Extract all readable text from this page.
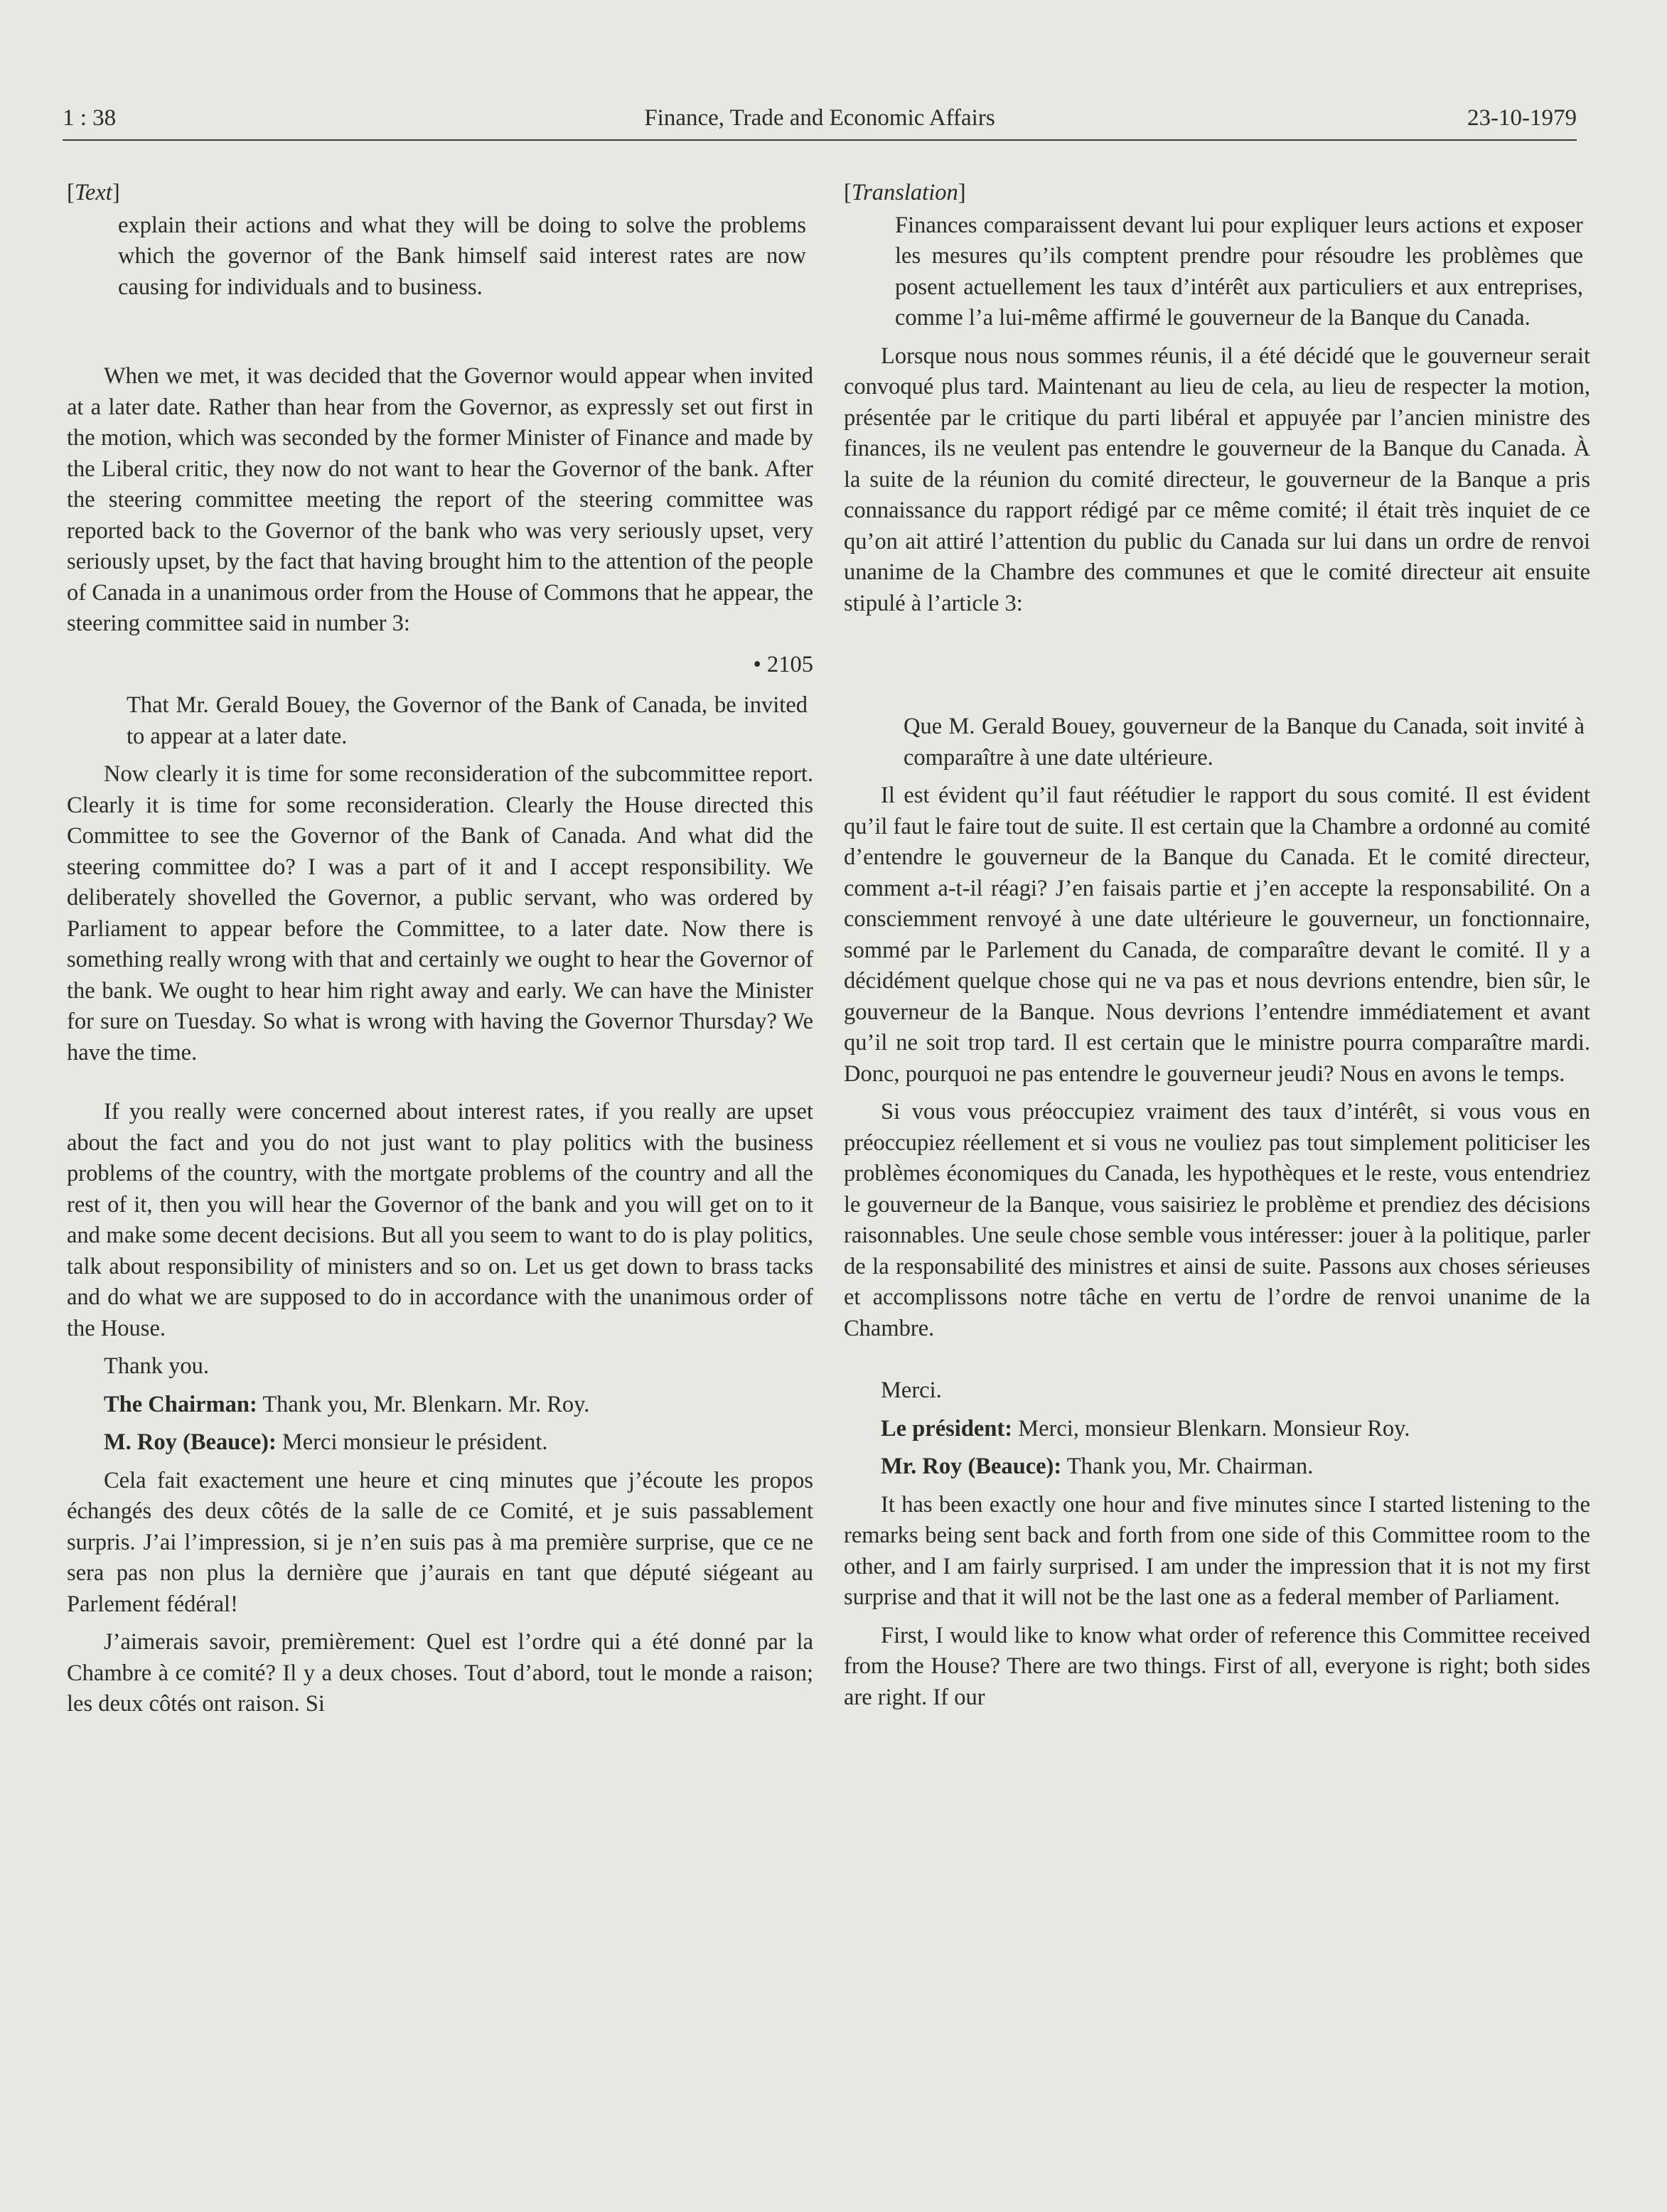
1 : 38	Finance, Trade and Economic Affairs	23-10-1979
[Text]

explain their actions and what they will be doing to solve the problems which the governor of the Bank himself said interest rates are now causing for individuals and to business.

When we met, it was decided that the Governor would appear when invited at a later date. Rather than hear from the Governor, as expressly set out first in the motion, which was seconded by the former Minister of Finance and made by the Liberal critic, they now do not want to hear the Governor of the bank. After the steering committee meeting the report of the steering committee was reported back to the Governor of the bank who was very seriously upset, very seriously upset, by the fact that having brought him to the attention of the people of Canada in a unanimous order from the House of Commons that he appear, the steering committee said in number 3:

• 2105

That Mr. Gerald Bouey, the Governor of the Bank of Canada, be invited to appear at a later date.

Now clearly it is time for some reconsideration of the subcommittee report. Clearly it is time for some reconsideration. Clearly the House directed this Committee to see the Governor of the Bank of Canada. And what did the steering committee do? I was a part of it and I accept responsibility. We deliberately shovelled the Governor, a public servant, who was ordered by Parliament to appear before the Committee, to a later date. Now there is something really wrong with that and certainly we ought to hear the Governor of the bank. We ought to hear him right away and early. We can have the Minister for sure on Tuesday. So what is wrong with having the Governor Thursday? We have the time.

If you really were concerned about interest rates, if you really are upset about the fact and you do not just want to play politics with the business problems of the country, with the mortgate problems of the country and all the rest of it, then you will hear the Governor of the bank and you will get on to it and make some decent decisions. But all you seem to want to do is play politics, talk about responsibility of ministers and so on. Let us get down to brass tacks and do what we are supposed to do in accordance with the unanimous order of the House.

Thank you.

The Chairman: Thank you, Mr. Blenkarn. Mr. Roy.

M. Roy (Beauce): Merci monsieur le président.

Cela fait exactement une heure et cinq minutes que j’écoute les propos échangés des deux côtés de la salle de ce Comité, et je suis passablement surpris. J’ai l’impression, si je n’en suis pas à ma première surprise, que ce ne sera pas non plus la dernière que j’aurais en tant que député siégeant au Parlement fédéral!

J’aimerais savoir, premièrement: Quel est l’ordre qui a été donné par la Chambre à ce comité? Il y a deux choses. Tout d’abord, tout le monde a raison; les deux côtés ont raison. Si

[Translation]

Finances comparaissent devant lui pour expliquer leurs actions et exposer les mesures qu’ils comptent prendre pour résoudre les problèmes que posent actuellement les taux d’intérêt aux particuliers et aux entreprises, comme l’a lui-même affirmé le gouverneur de la Banque du Canada.

Lorsque nous nous sommes réunis, il a été décidé que le gouverneur serait convoqué plus tard. Maintenant au lieu de cela, au lieu de respecter la motion, présentée par le critique du parti libéral et appuyée par l’ancien ministre des finances, ils ne veulent pas entendre le gouverneur de la Banque du Canada. À la suite de la réunion du comité directeur, le gouverneur de la Banque a pris connaissance du rapport rédigé par ce même comité; il était très inquiet de ce qu’on ait attiré l’attention du public du Canada sur lui dans un ordre de renvoi unanime de la Chambre des communes et que le comité directeur ait ensuite stipulé à l’article 3:

Que M. Gerald Bouey, gouverneur de la Banque du Canada, soit invité à comparaître à une date ultérieure.

Il est évident qu’il faut réétudier le rapport du sous comité. Il est évident qu’il faut le faire tout de suite. Il est certain que la Chambre a ordonné au comité d’entendre le gouverneur de la Banque du Canada. Et le comité directeur, comment a-t-il réagi? J’en faisais partie et j’en accepte la responsabilité. On a consciemment renvoyé à une date ultérieure le gouverneur, un fonctionnaire, sommé par le Parlement du Canada, de comparaître devant le comité. Il y a décidément quelque chose qui ne va pas et nous devrions entendre, bien sûr, le gouverneur de la Banque. Nous devrions l’entendre immédiatement et avant qu’il ne soit trop tard. Il est certain que le ministre pourra comparaître mardi. Donc, pourquoi ne pas entendre le gouverneur jeudi? Nous en avons le temps.

Si vous vous préoccupiez vraiment des taux d’intérêt, si vous vous en préoccupiez réellement et si vous ne vouliez pas tout simplement politiciser les problèmes économiques du Canada, les hypothèques et le reste, vous entendriez le gouverneur de la Banque, vous saisiriez le problème et prendiez des décisions raisonnables. Une seule chose semble vous intéresser: jouer à la politique, parler de la responsabilité des ministres et ainsi de suite. Passons aux choses sérieuses et accomplissons notre tâche en vertu de l’ordre de renvoi unanime de la Chambre.

Merci.

Le président: Merci, monsieur Blenkarn. Monsieur Roy.

Mr. Roy (Beauce): Thank you, Mr. Chairman.

It has been exactly one hour and five minutes since I started listening to the remarks being sent back and forth from one side of this Committee room to the other, and I am fairly surprised. I am under the impression that it is not my first surprise and that it will not be the last one as a federal member of Parliament.

First, I would like to know what order of reference this Committee received from the House? There are two things. First of all, everyone is right; both sides are right. If our
